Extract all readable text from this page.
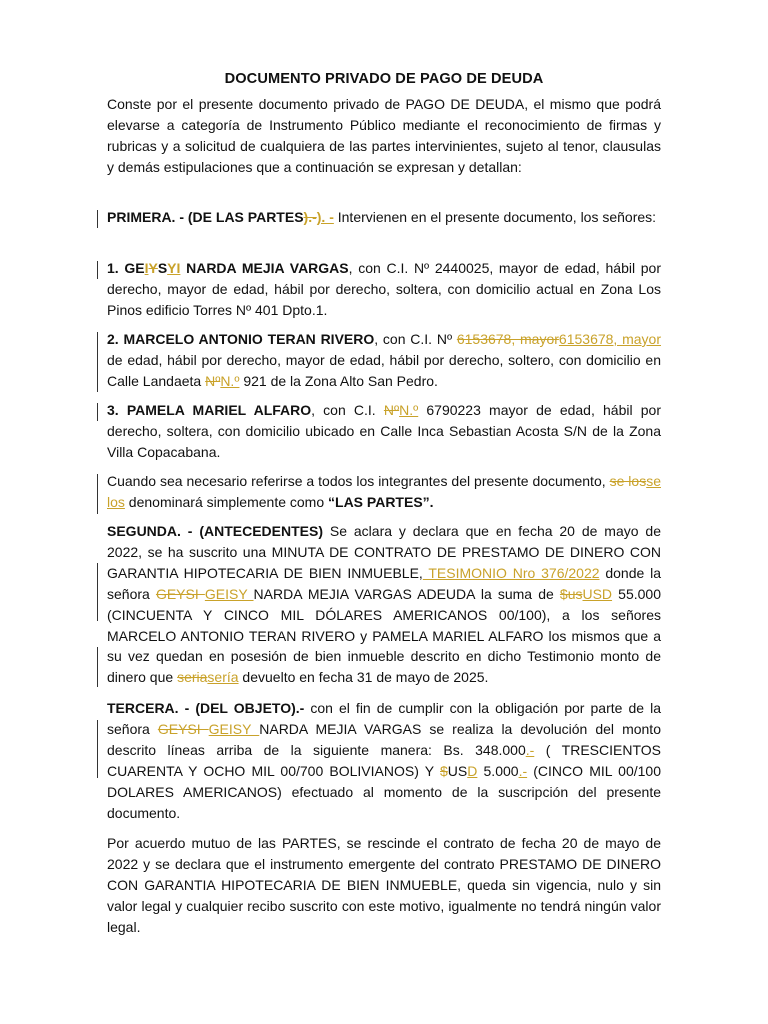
DOCUMENTO PRIVADO DE PAGO DE DEUDA

Conste por el presente documento privado de PAGO DE DEUDA, el mismo que podrá elevarse a categoría de Instrumento Público mediante el reconocimiento de firmas y rubricas y a solicitud de cualquiera de las partes intervinientes, sujeto al tenor, clausulas y demás estipulaciones que a continuación se expresan y detallan:

PRIMERA. - (DE LAS PARTES).-). - Intervienen en el presente documento, los señores:

1. GEIYSYI NARDA MEJIA VARGAS, con C.I. Nº 2440025, mayor de edad, hábil por derecho, mayor de edad, hábil por derecho, soltera, con domicilio actual en Zona Los Pinos edificio Torres Nº 401 Dpto.1.

2. MARCELO ANTONIO TERAN RIVERO, con C.I. Nº 6153678, mayor6153678, mayor de edad, hábil por derecho, mayor de edad, hábil por derecho, soltero, con domicilio en Calle Landaeta NºN.º 921 de la Zona Alto San Pedro.

3. PAMELA MARIEL ALFARO, con C.I. NºN.º 6790223 mayor de edad, hábil por derecho, soltera, con domicilio ubicado en Calle Inca Sebastian Acosta S/N de la Zona Villa Copacabana.

Cuando sea necesario referirse a todos los integrantes del presente documento, se losse los denominará simplemente como “LAS PARTES”.

SEGUNDA. - (ANTECEDENTES) Se aclara y declara que en fecha 20 de mayo de 2022, se ha suscrito una MINUTA DE CONTRATO DE PRESTAMO DE DINERO CON GARANTIA HIPOTECARIA DE BIEN INMUEBLE, TESIMONIO Nro 376/2022 donde la señora GEYSI GEISY NARDA MEJIA VARGAS ADEUDA la suma de $usUSD 55.000 (CINCUENTA Y CINCO MIL DÓLARES AMERICANOS 00/100), a los señores MARCELO ANTONIO TERAN RIVERO y PAMELA MARIEL ALFARO los mismos que a su vez quedan en posesión de bien inmueble descrito en dicho Testimonio monto de dinero que seriasería devuelto en fecha 31 de mayo de 2025.

TERCERA. - (DEL OBJETO).- con el fin de cumplir con la obligación por parte de la señora GEYSI GEISY NARDA MEJIA VARGAS se realiza la devolución del monto descrito líneas arriba de la siguiente manera: Bs. 348.000.- ( TRESCIENTOS CUARENTA Y OCHO MIL 00/700 BOLIVIANOS) Y $USD 5.000.- (CINCO MIL 00/100 DOLARES AMERICANOS) efectuado al momento de la suscripción del presente documento.

Por acuerdo mutuo de las PARTES, se rescinde el contrato de fecha 20 de mayo de 2022 y se declara que el instrumento emergente del contrato PRESTAMO DE DINERO CON GARANTIA HIPOTECARIA DE BIEN INMUEBLE, queda sin vigencia, nulo y sin valor legal y cualquier recibo suscrito con este motivo, igualmente no tendrá ningún valor legal.
